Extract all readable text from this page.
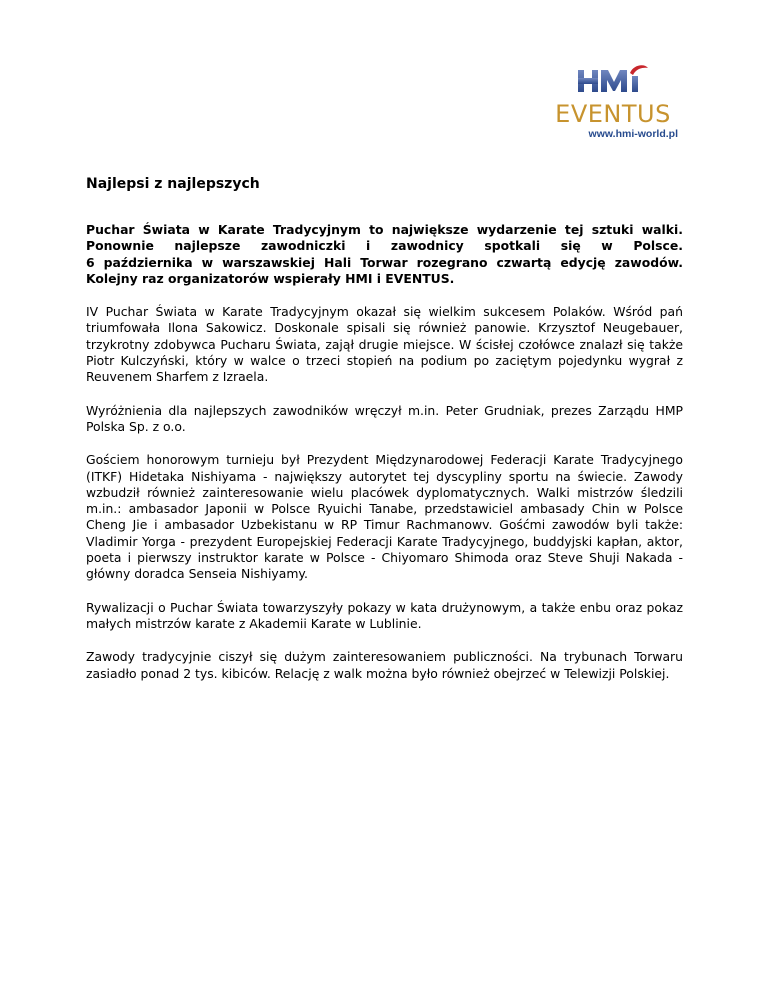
EVENTUS
www.hmi-world.pl
Najlepsi z najlepszych

Puchar Świata w Karate Tradycyjnym to największe wydarzenie tej sztuki walki.
Ponownie najlepsze zawodniczki i zawodnicy spotkali się w Polsce.
6 października w warszawskiej Hali Torwar rozegrano czwartą edycję zawodów.
Kolejny raz organizatorów wspierały HMI i EVENTUS.

IV Puchar Świata w Karate Tradycyjnym okazał się wielkim sukcesem Polaków. Wśród pań triumfowała Ilona Sakowicz. Doskonale spisali się również panowie. Krzysztof Neugebauer, trzykrotny zdobywca Pucharu Świata, zajął drugie miejsce. W ścisłej czołówce znalazł się także Piotr Kulczyński, który w walce o trzeci stopień na podium po zaciętym pojedynku wygrał z Reuvenem Sharfem z Izraela.

Wyróżnienia dla najlepszych zawodników wręczył m.in. Peter Grudniak, prezes Zarządu HMP Polska Sp. z o.o.

Gościem honorowym turnieju był Prezydent Międzynarodowej Federacji Karate Tradycyjnego (ITKF) Hidetaka Nishiyama - największy autorytet tej dyscypliny sportu na świecie. Zawody wzbudził również zainteresowanie wielu placówek dyplomatycznych. Walki mistrzów śledzili m.in.: ambasador Japonii w Polsce Ryuichi Tanabe, przedstawiciel ambasady Chin w Polsce Cheng Jie i ambasador Uzbekistanu w RP Timur Rachmanowv. Gośćmi zawodów byli także: Vladimir Yorga - prezydent Europejskiej Federacji Karate Tradycyjnego, buddyjski kapłan, aktor, poeta i pierwszy instruktor karate w Polsce - Chiyomaro Shimoda oraz Steve Shuji Nakada - główny doradca Senseia Nishiyamy.

Rywalizacji o Puchar Świata towarzyszyły pokazy w kata drużynowym, a także enbu oraz pokaz małych mistrzów karate z Akademii Karate w Lublinie.

Zawody tradycyjnie ciszył się dużym zainteresowaniem publiczności. Na trybunach Torwaru zasiadło ponad 2 tys. kibiców. Relację z walk można było również obejrzeć w Telewizji Polskiej.
